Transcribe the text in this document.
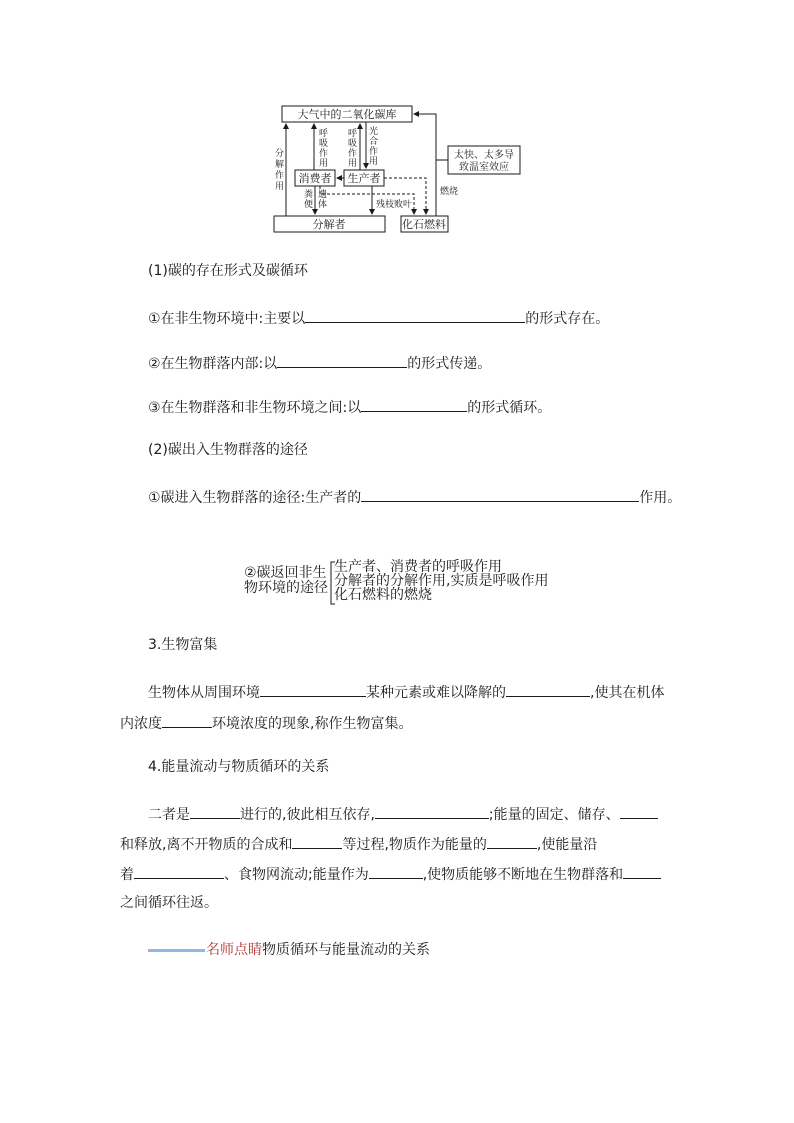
大气中的二氧化碳库
消费者 生产者
分解者	化石燃料
太快、太多导
致温室效应
分
解
作
用
呼
吸
作
用
呼
吸
作
用
光
合
作
用
粪
便
遗
体	残枝败叶
燃 烧
(1)碳的存在形式及碳循环
①在非生物环境中:主要以	的形式存在。
②在生物群落内部:以	的形式传递。
③在生物群落和非生物环境之间:以	的形式循环。
(2)碳出入生物群落的途径
①碳进入生物群落的途径:生产者的	作用。
②碳返回非生
物环境的途径
生产者、消费者的呼吸作用
分解者的分解作用,实质是呼吸作用
化石燃料的燃烧
3.生物富集
生物体从周围环境	某种元素或难以降解的	,使其在机体
内浓度	环境浓度的现象,称作生物富集。
4.能量流动与物质循环的关系
二者是	进行的,彼此相互依存,	;能量的固定、储存、
和释放,离不开物质的合成和	等过程,物质作为能量的	,使能量沿
着	、食物网流动;能量作为	,使物质能够不断地在生物群落和
之间循环往返。
名师点睛物质循环与能量流动的关系
